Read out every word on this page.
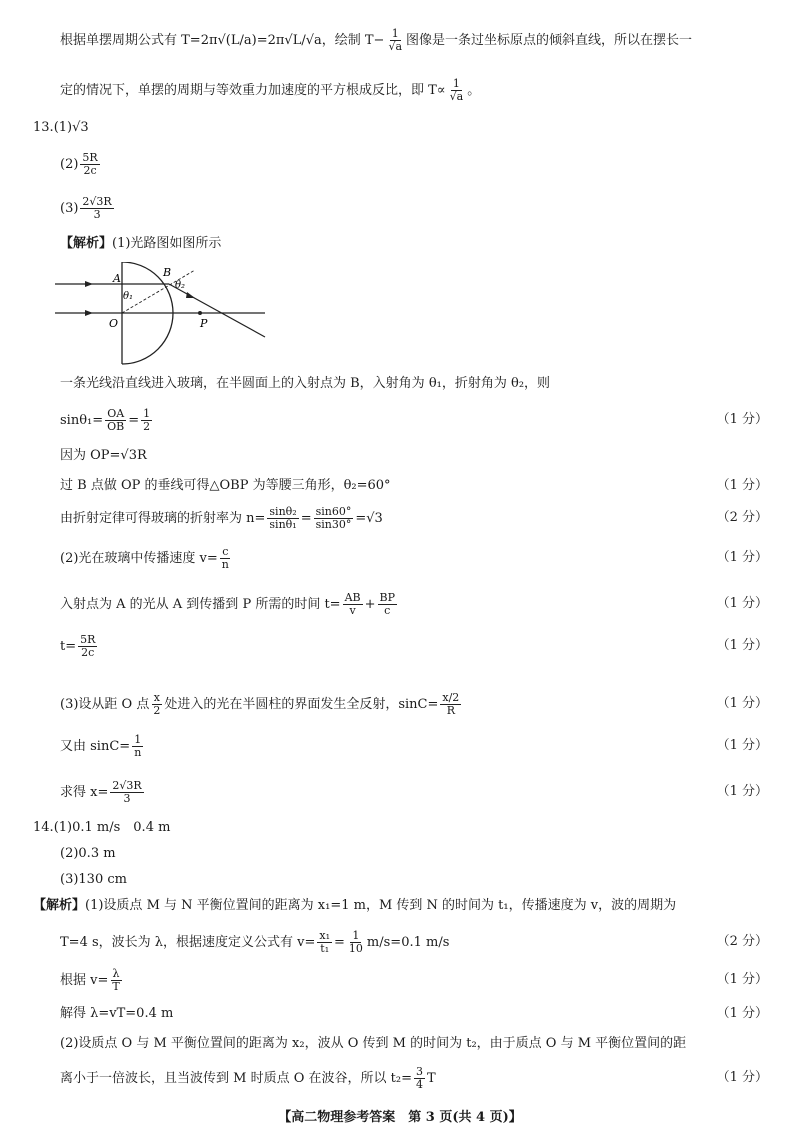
根据单摆周期公式有 T=2π√(L/a)=2π√L/√a，绘制 $T- \frac{1}{√a}$ 图像是一条过坐标原点的倾斜直线，所以在摆长一
定的情况下，单摆的周期与等效重力加速度的平方根成反比，即 $T\propto \frac{1}{√a}$ 。
13.(1)√3
$(2) \frac{5R}{2c}$
$(3) \frac{2√3R}{3}$
【解析】(1)光路图如图所示
A	B
O	P
θ₁
θ₂
一条光线沿直线进入玻璃，在半圆面上的入射点为 B，入射角为 θ₁，折射角为 θ₂，则
$\sin\theta_1= \frac{OA}{OB} = \frac{1}{2}$	（1 分）
因为 OP=√3R
过 B 点做 OP 的垂线可得△OBP 为等腰三角形，θ₂=60°	（1 分）
由折射定律可得玻璃的折射率为 $n= \frac{\text{sinθ₂}}{\text{sinθ₁}} = \frac{\sin 60^\circ}{\sin 30^\circ} =√3$	（2 分）
(2)光在玻璃中传播速度 $v= \frac{c}{n}$	（1 分）
入射点为 A 的光从 A 到传播到 P 所需的时间 $t= \frac{AB}{v} + \frac{BP}{c}$	（1 分）
$t= \frac{5R}{2c}$	（1 分）
(3)设从距 O 点 $\frac{x}{2}$ 处进入的光在半圆柱的界面发生全反射，$\sin C= \frac{x/2}{R}$	（1 分）
又由 $\sin C= \frac{1}{n}$	（1 分）
求得 $x= \frac{2√3R}{3}$	（1 分）
14.(1)0.1 m/s　0.4 m
(2)0.3 m
(3)130 cm
【解析】(1)设质点 M 与 N 平衡位置间的距离为 x₁=1 m，M 传到 N 的时间为 t₁，传播速度为 v，波的周期为
T=4 s，波长为 λ，根据速度定义公式有 $v= \frac{\text{x₁}}{\text{t₁}} = \frac{1}{10} m/s=0.1$ m/s	（2 分）
根据 $v= \frac{\lambda}{T}$	（1 分）
解得 λ=vT=0.4 m	（1 分）
(2)设质点 O 与 M 平衡位置间的距离为 x₂，波从 O 传到 M 的时间为 t₂，由于质点 O 与 M 平衡位置间的距
离小于一倍波长，且当波传到 M 时质点 O 在波谷，所以 $t_2= \frac{3}{4}$ T	（1 分）
【高二物理参考答案　第 3 页(共 4 页)】
